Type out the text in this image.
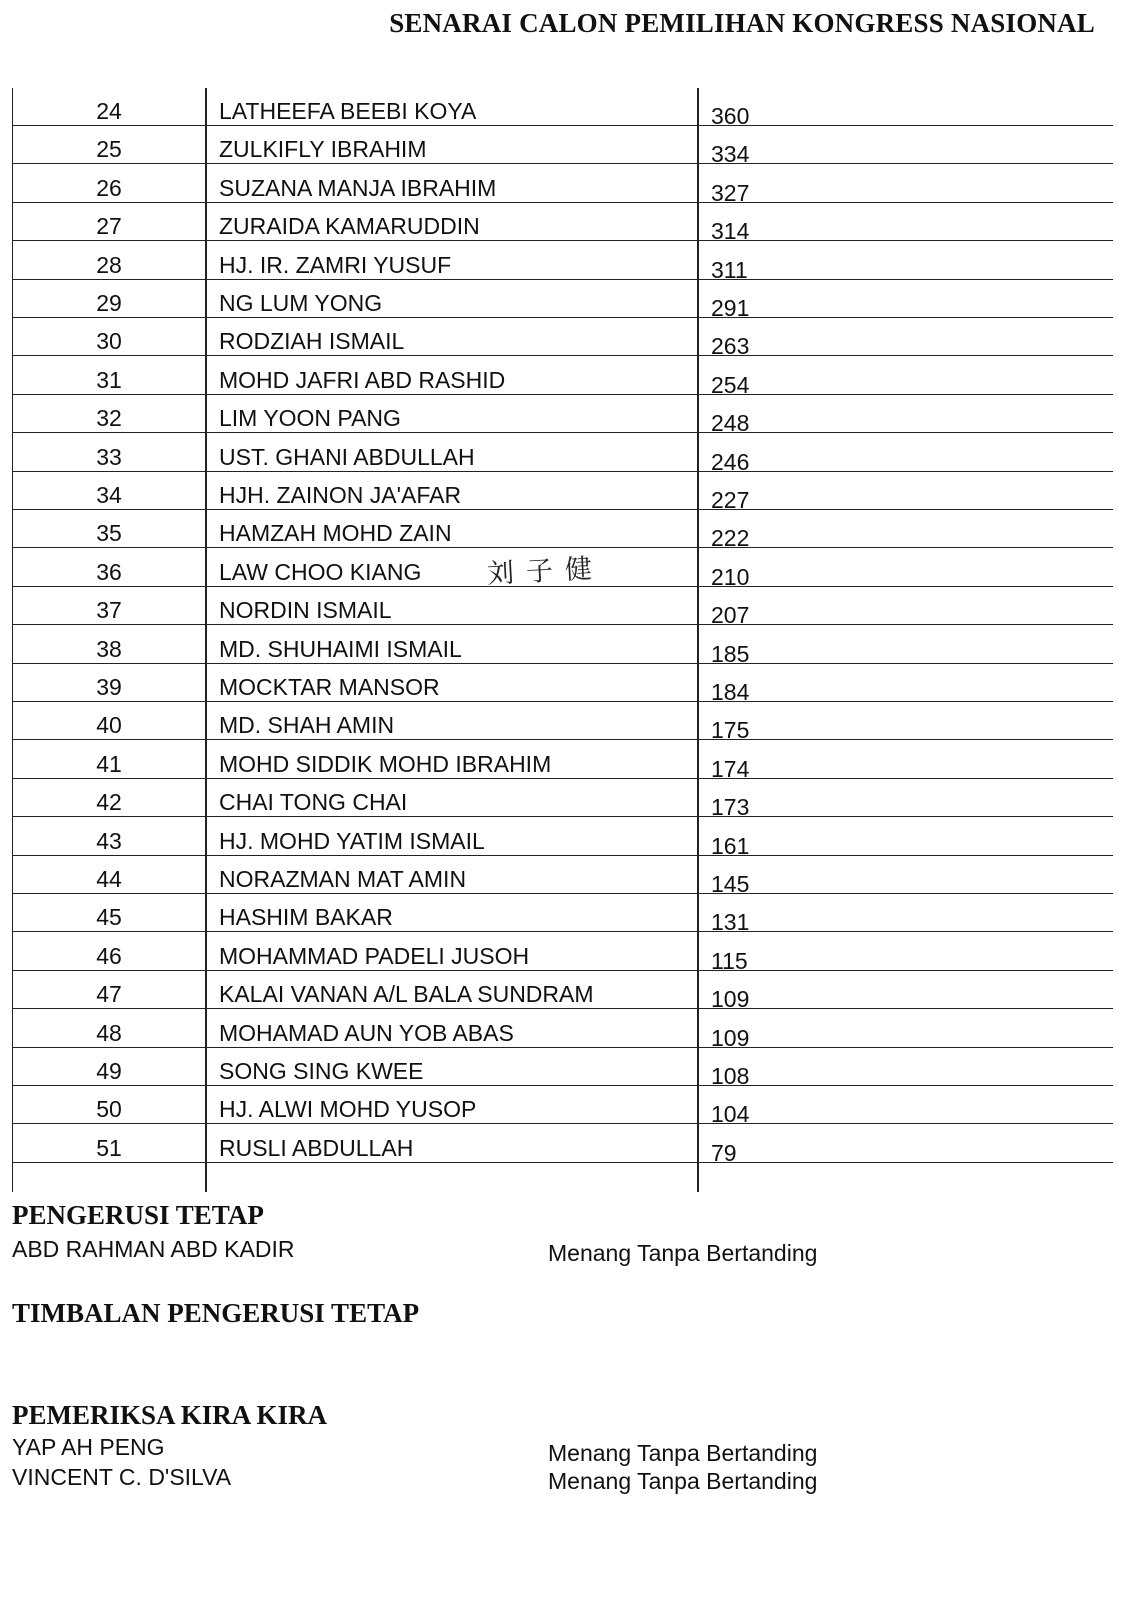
SENARAI CALON PEMILIHAN KONGRESS NASIONAL
24	LATHEEFA BEEBI KOYA	360
25	ZULKIFLY IBRAHIM	334
26	SUZANA MANJA IBRAHIM	327
27	ZURAIDA KAMARUDDIN	314
28	HJ. IR. ZAMRI YUSUF	311
29	NG LUM YONG	291
30	RODZIAH ISMAIL	263
31	MOHD JAFRI ABD RASHID	254
32	LIM YOON PANG	248
33	UST. GHANI ABDULLAH	246
34	HJH. ZAINON JA'AFAR	227
35	HAMZAH MOHD ZAIN	222
36	LAW CHOO KIANG 刘子健	210
37	NORDIN ISMAIL	207
38	MD. SHUHAIMI ISMAIL	185
39	MOCKTAR MANSOR	184
40	MD. SHAH AMIN	175
41	MOHD SIDDIK MOHD IBRAHIM	174
42	CHAI TONG CHAI	173
43	HJ. MOHD YATIM ISMAIL	161
44	NORAZMAN MAT AMIN	145
45	HASHIM BAKAR	131
46	MOHAMMAD PADELI JUSOH	115
47	KALAI VANAN A/L BALA SUNDRAM	109
48	MOHAMAD AUN YOB ABAS	109
49	SONG SING KWEE	108
50	HJ. ALWI MOHD YUSOP	104
51	RUSLI ABDULLAH	79
PENGERUSI TETAP
ABD RAHMAN ABD KADIR	Menang Tanpa Bertanding
TIMBALAN PENGERUSI TETAP
PEMERIKSA KIRA KIRA
YAP AH PENG	Menang Tanpa Bertanding
VINCENT C. D'SILVA	Menang Tanpa Bertanding
